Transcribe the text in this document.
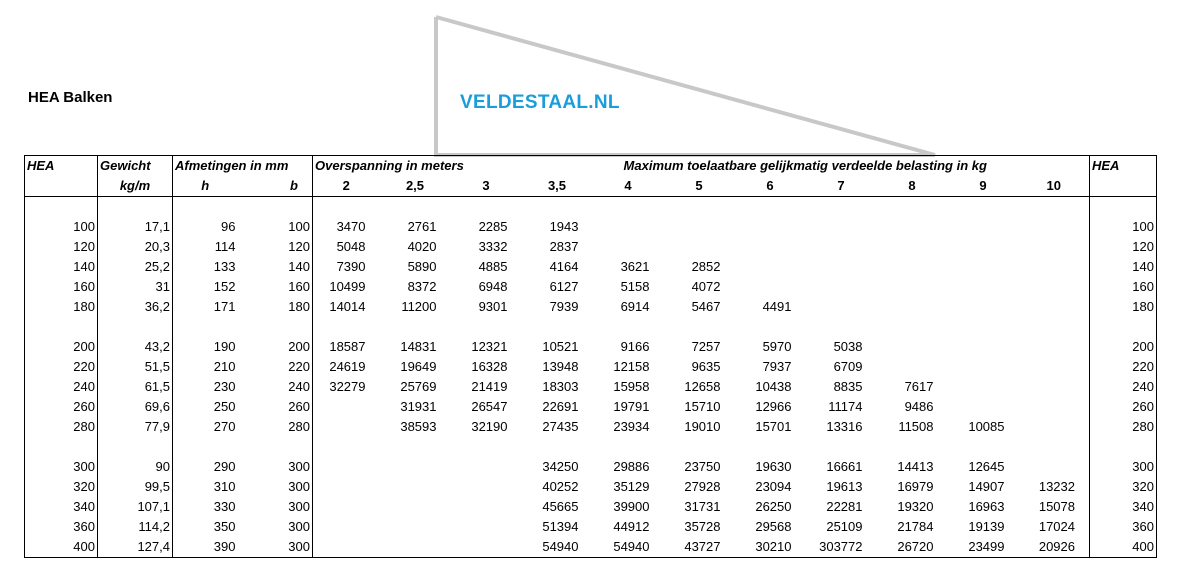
HEA Balken	VELDESTAAL.NL
HEA	Gewicht	Afmetingen in mm		Overspanning in meters			Maximum toelaatbare gelijkmatig verdeelde belasting in kg								HEA
	kg/m	h	b	2	2,5	3	3,5	4	5	6	7	8	9	10	

100	17,1	96	100	3470	2761	2285	1943								100
120	20,3	114	120	5048	4020	3332	2837								120
140	25,2	133	140	7390	5890	4885	4164	3621	2852						140
160	31	152	160	10499	8372	6948	6127	5158	4072						160
180	36,2	171	180	14014	11200	9301	7939	6914	5467	4491					180

200	43,2	190	200	18587	14831	12321	10521	9166	7257	5970	5038				200
220	51,5	210	220	24619	19649	16328	13948	12158	9635	7937	6709				220
240	61,5	230	240	32279	25769	21419	18303	15958	12658	10438	8835	7617			240
260	69,6	250	260		31931	26547	22691	19791	15710	12966	11174	9486			260
280	77,9	270	280		38593	32190	27435	23934	19010	15701	13316	11508	10085		280

300	90	290	300				34250	29886	23750	19630	16661	14413	12645		300
320	99,5	310	300				40252	35129	27928	23094	19613	16979	14907	13232	320
340	107,1	330	300				45665	39900	31731	26250	22281	19320	16963	15078	340
360	114,2	350	300				51394	44912	35728	29568	25109	21784	19139	17024	360
400	127,4	390	300				54940	54940	43727	30210	303772	26720	23499	20926	400
